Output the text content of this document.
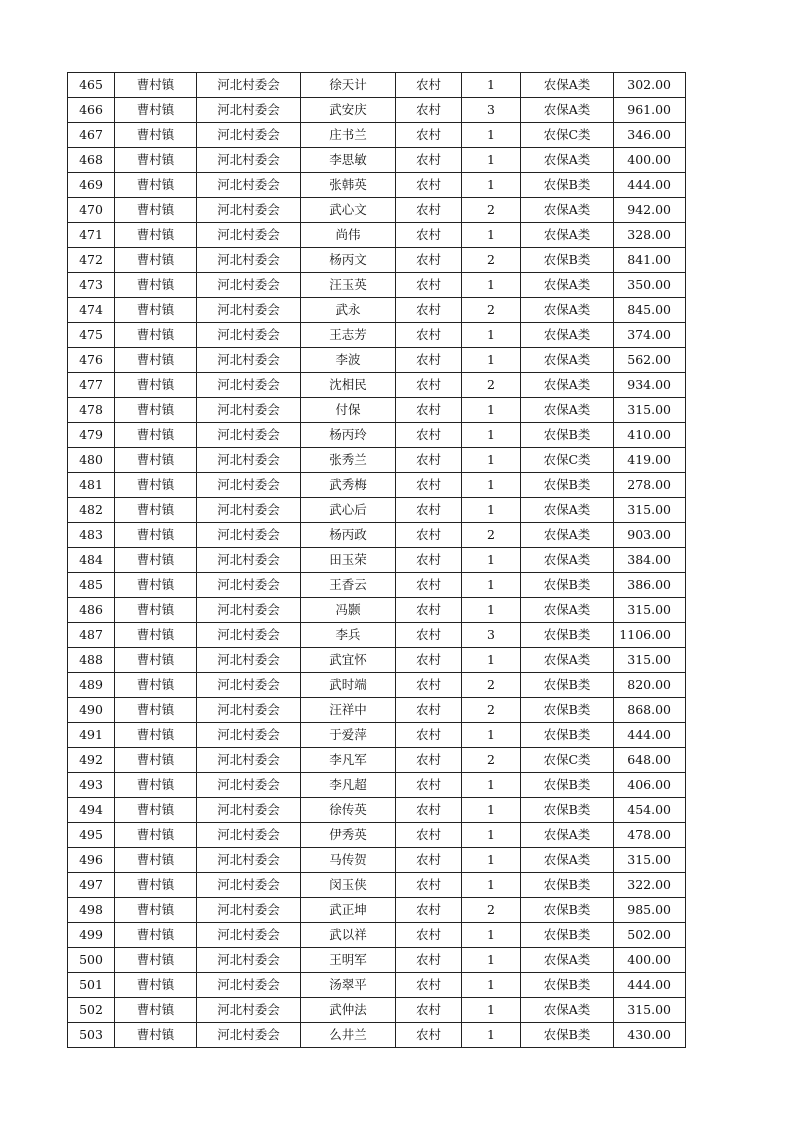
465	曹村镇	河北村委会	徐天计	农村	1	农保A类	302.00
466	曹村镇	河北村委会	武安庆	农村	3	农保A类	961.00
467	曹村镇	河北村委会	庄书兰	农村	1	农保C类	346.00
468	曹村镇	河北村委会	李思敏	农村	1	农保A类	400.00
469	曹村镇	河北村委会	张韩英	农村	1	农保B类	444.00
470	曹村镇	河北村委会	武心文	农村	2	农保A类	942.00
471	曹村镇	河北村委会	尚伟	农村	1	农保A类	328.00
472	曹村镇	河北村委会	杨丙文	农村	2	农保B类	841.00
473	曹村镇	河北村委会	汪玉英	农村	1	农保A类	350.00
474	曹村镇	河北村委会	武永	农村	2	农保A类	845.00
475	曹村镇	河北村委会	王志芳	农村	1	农保A类	374.00
476	曹村镇	河北村委会	李波	农村	1	农保A类	562.00
477	曹村镇	河北村委会	沈相民	农村	2	农保A类	934.00
478	曹村镇	河北村委会	付保	农村	1	农保A类	315.00
479	曹村镇	河北村委会	杨丙玲	农村	1	农保B类	410.00
480	曹村镇	河北村委会	张秀兰	农村	1	农保C类	419.00
481	曹村镇	河北村委会	武秀梅	农村	1	农保B类	278.00
482	曹村镇	河北村委会	武心后	农村	1	农保A类	315.00
483	曹村镇	河北村委会	杨丙政	农村	2	农保A类	903.00
484	曹村镇	河北村委会	田玉荣	农村	1	农保A类	384.00
485	曹村镇	河北村委会	王香云	农村	1	农保B类	386.00
486	曹村镇	河北村委会	冯颢	农村	1	农保A类	315.00
487	曹村镇	河北村委会	李兵	农村	3	农保B类	1106.00
488	曹村镇	河北村委会	武宜怀	农村	1	农保A类	315.00
489	曹村镇	河北村委会	武时端	农村	2	农保B类	820.00
490	曹村镇	河北村委会	汪祥中	农村	2	农保B类	868.00
491	曹村镇	河北村委会	于爱萍	农村	1	农保B类	444.00
492	曹村镇	河北村委会	李凡军	农村	2	农保C类	648.00
493	曹村镇	河北村委会	李凡超	农村	1	农保B类	406.00
494	曹村镇	河北村委会	徐传英	农村	1	农保B类	454.00
495	曹村镇	河北村委会	伊秀英	农村	1	农保A类	478.00
496	曹村镇	河北村委会	马传贺	农村	1	农保A类	315.00
497	曹村镇	河北村委会	闵玉侠	农村	1	农保B类	322.00
498	曹村镇	河北村委会	武正坤	农村	2	农保B类	985.00
499	曹村镇	河北村委会	武以祥	农村	1	农保B类	502.00
500	曹村镇	河北村委会	王明军	农村	1	农保A类	400.00
501	曹村镇	河北村委会	汤翠平	农村	1	农保B类	444.00
502	曹村镇	河北村委会	武仲法	农村	1	农保A类	315.00
503	曹村镇	河北村委会	么井兰	农村	1	农保B类	430.00
